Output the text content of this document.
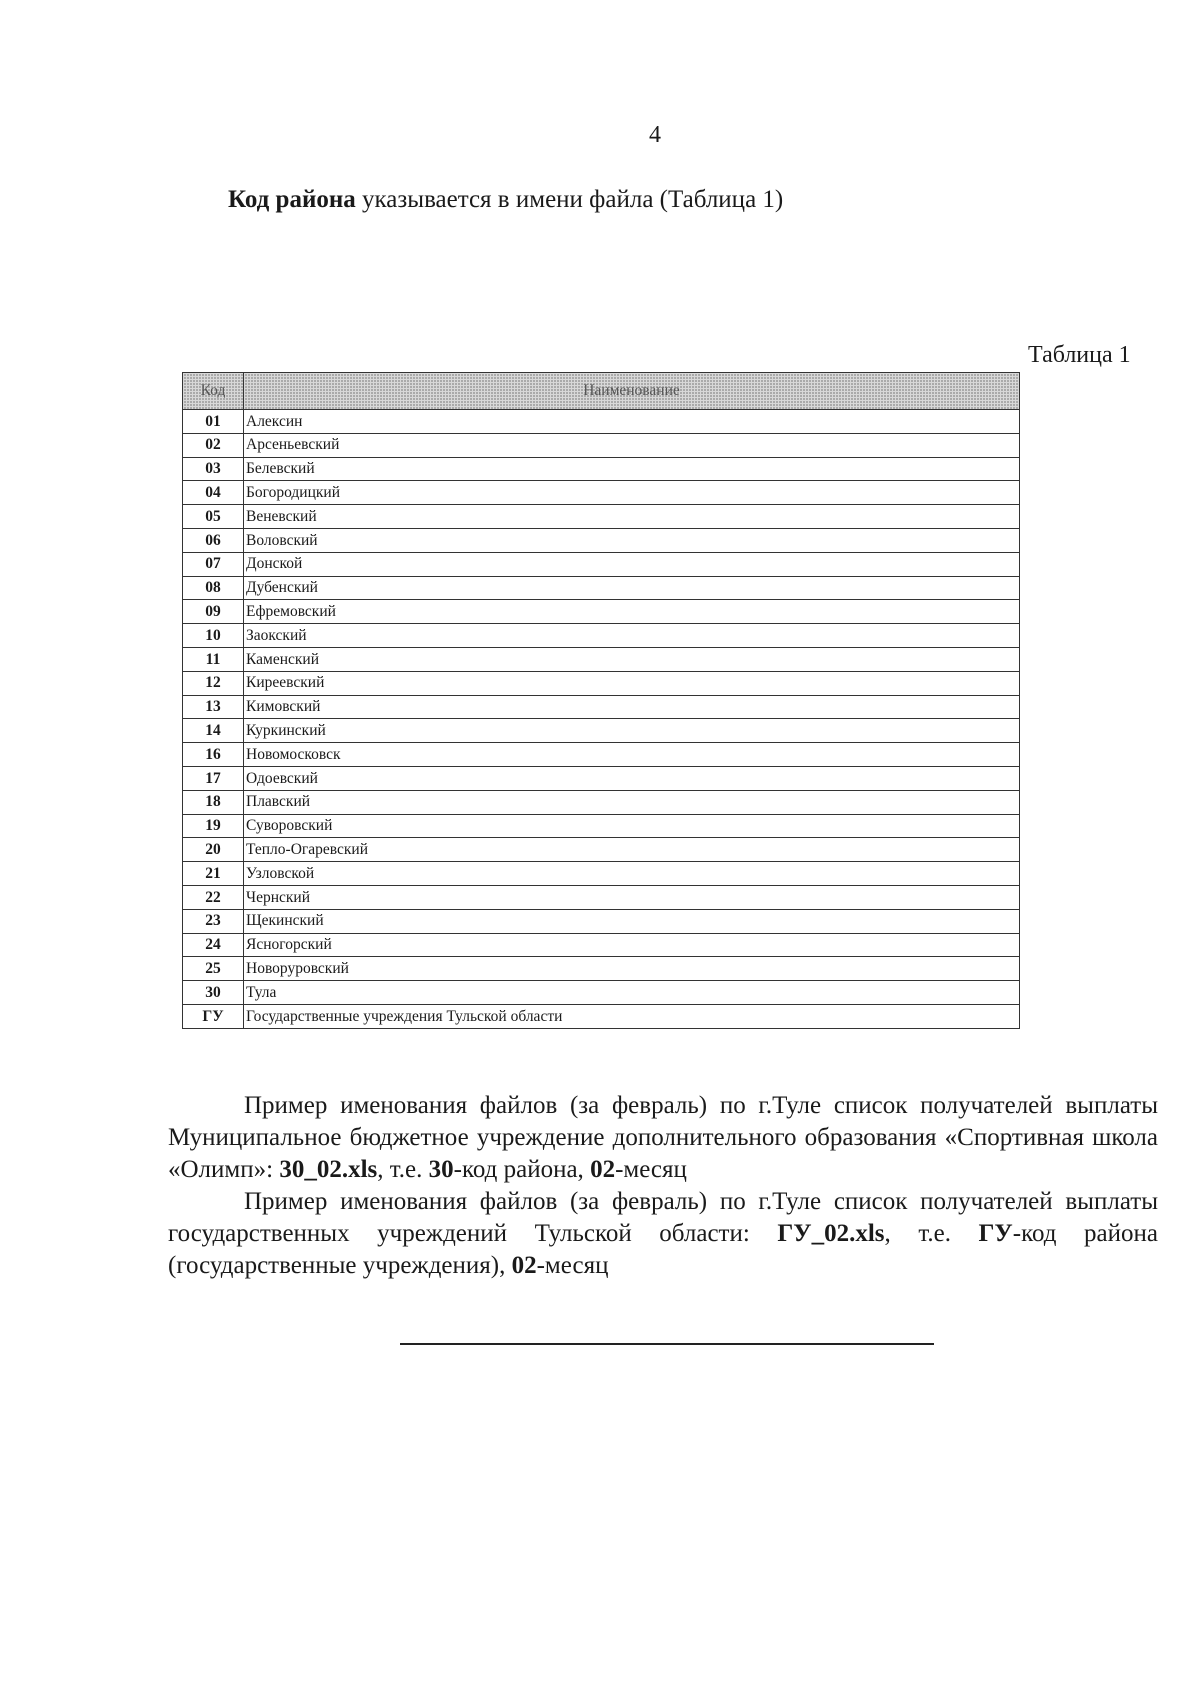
4
Код района указывается в имени файла (Таблица 1)
Таблица 1
Код	Наименование
01	Алексин
02	Арсеньевский
03	Белевский
04	Богородицкий
05	Веневский
06	Воловский
07	Донской
08	Дубенский
09	Ефремовский
10	Заокский
11	Каменский
12	Киреевский
13	Кимовский
14	Куркинский
16	Новомосковск
17	Одоевский
18	Плавский
19	Суворовский
20	Тепло-Огаревский
21	Узловской
22	Чернский
23	Щекинский
24	Ясногорский
25	Новоруровский
30	Тула
ГУ	Государственные учреждения Тульской области
Пример именования файлов (за февраль) по г.Туле список получателей выплаты Муниципальное бюджетное учреждение дополнительного образования «Спортивная школа «Олимп»: 30_02.xls, т.е. 30-код района, 02-месяц
Пример именования файлов (за февраль) по г.Туле список получателей выплаты государственных учреждений Тульской области: ГУ_02.xls, т.е. ГУ-код района (государственные учреждения), 02-месяц
